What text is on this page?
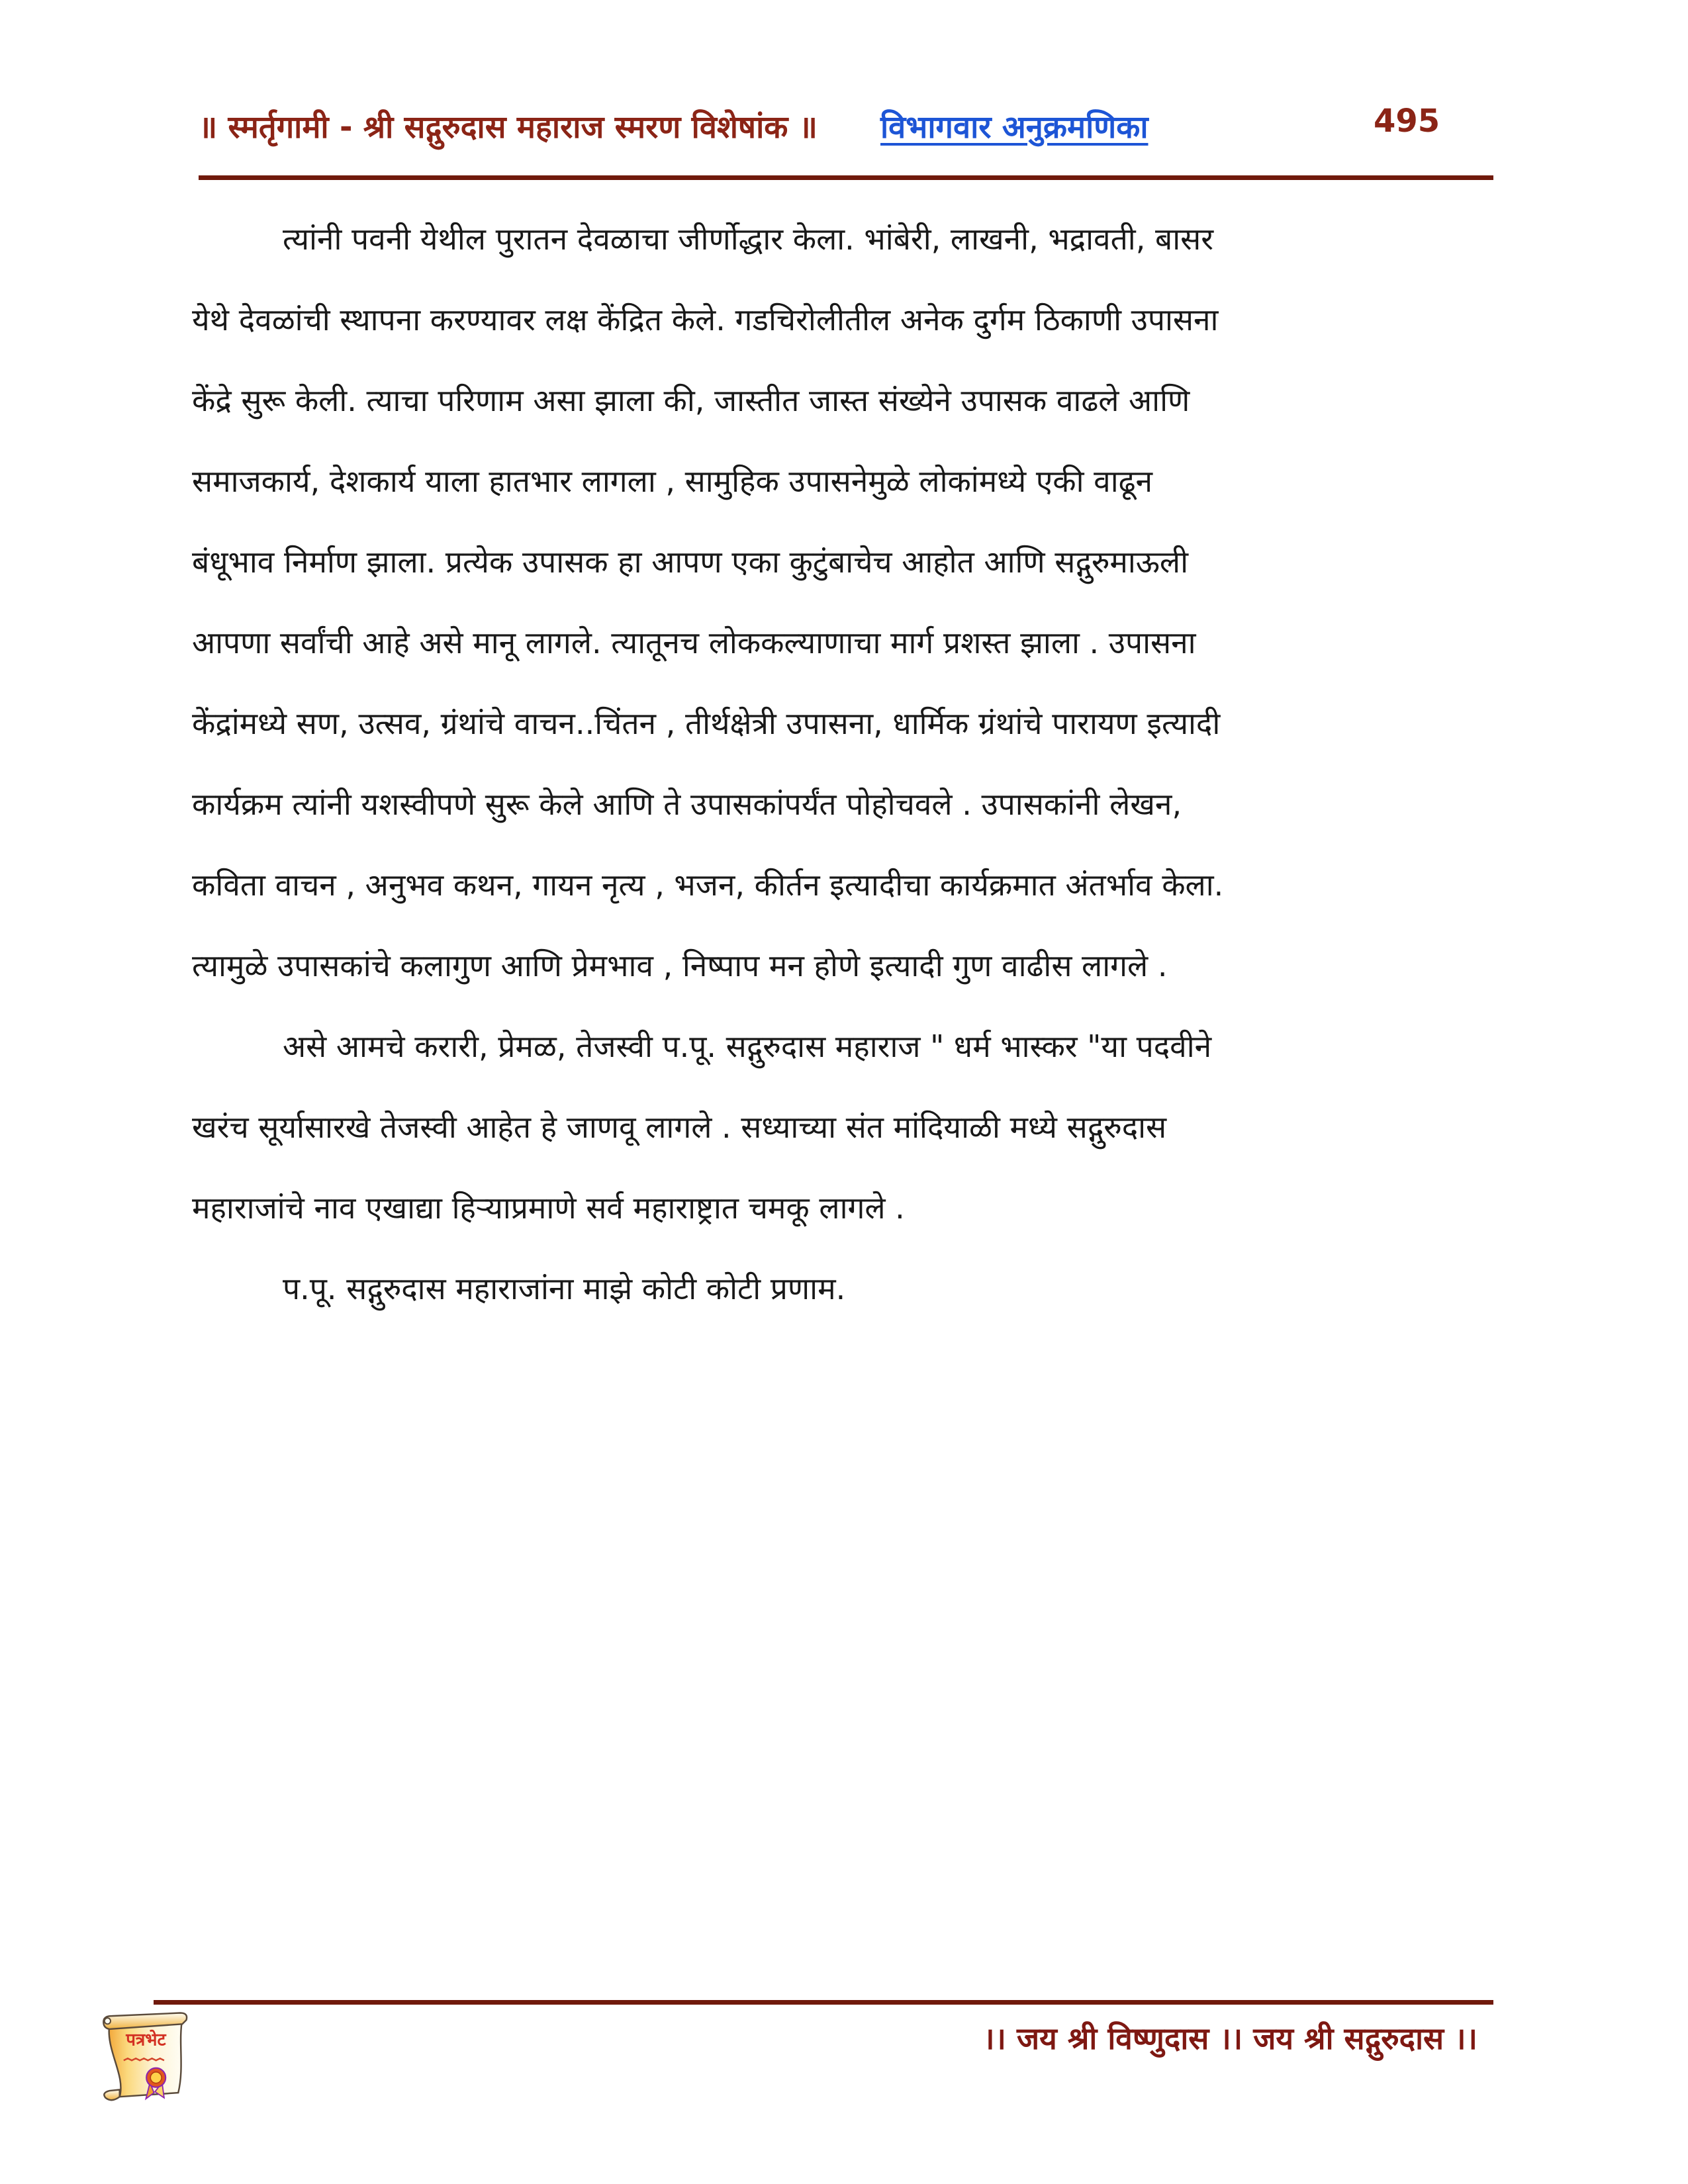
॥ स्मर्तृगामी - श्री सद्गुरुदास महाराज स्मरण विशेषांक ॥ विभागवार अनुक्रमणिका	495
त्यांनी पवनी येथील पुरातन देवळाचा जीर्णोद्धार केला. भांबेरी, लाखनी, भद्रावती, बासर
येथे देवळांची स्थापना करण्यावर लक्ष केंद्रित केले. गडचिरोलीतील अनेक दुर्गम ठिकाणी उपासना
केंद्रे सुरू केली. त्याचा परिणाम असा झाला की, जास्तीत जास्त संख्येने उपासक वाढले आणि
समाजकार्य, देशकार्य याला हातभार लागला , सामुहिक उपासनेमुळे लोकांमध्ये एकी वाढून
बंधूभाव निर्माण झाला. प्रत्येक उपासक हा आपण एका कुटुंबाचेच आहोत आणि सद्गुरुमाऊली
आपणा सर्वांची आहे असे मानू लागले. त्यातूनच लोककल्याणाचा मार्ग प्रशस्त झाला . उपासना
केंद्रांमध्ये सण, उत्सव, ग्रंथांचे वाचन..चिंतन , तीर्थक्षेत्री उपासना, धार्मिक ग्रंथांचे पारायण इत्यादी
कार्यक्रम त्यांनी यशस्वीपणे सुरू केले आणि ते उपासकांपर्यंत पोहोचवले . उपासकांनी लेखन,
कविता वाचन , अनुभव कथन, गायन नृत्य , भजन, कीर्तन इत्यादीचा कार्यक्रमात अंतर्भाव केला.
त्यामुळे उपासकांचे कलागुण आणि प्रेमभाव , निष्पाप मन होणे इत्यादी गुण वाढीस लागले .
असे आमचे करारी, प्रेमळ, तेजस्वी प.पू. सद्गुरुदास महाराज " धर्म भास्कर "या पदवीने
खरंच सूर्यासारखे तेजस्वी आहेत हे जाणवू लागले . सध्याच्या संत मांदियाळी मध्ये सद्गुरुदास
महाराजांचे नाव एखाद्या हिऱ्याप्रमाणे सर्व महाराष्ट्रात चमकू लागले .
प.पू. सद्गुरुदास महाराजांना माझे कोटी कोटी प्रणाम.
पत्रभेट	।। जय श्री विष्णुदास ।। जय श्री सद्गुरुदास ।।
